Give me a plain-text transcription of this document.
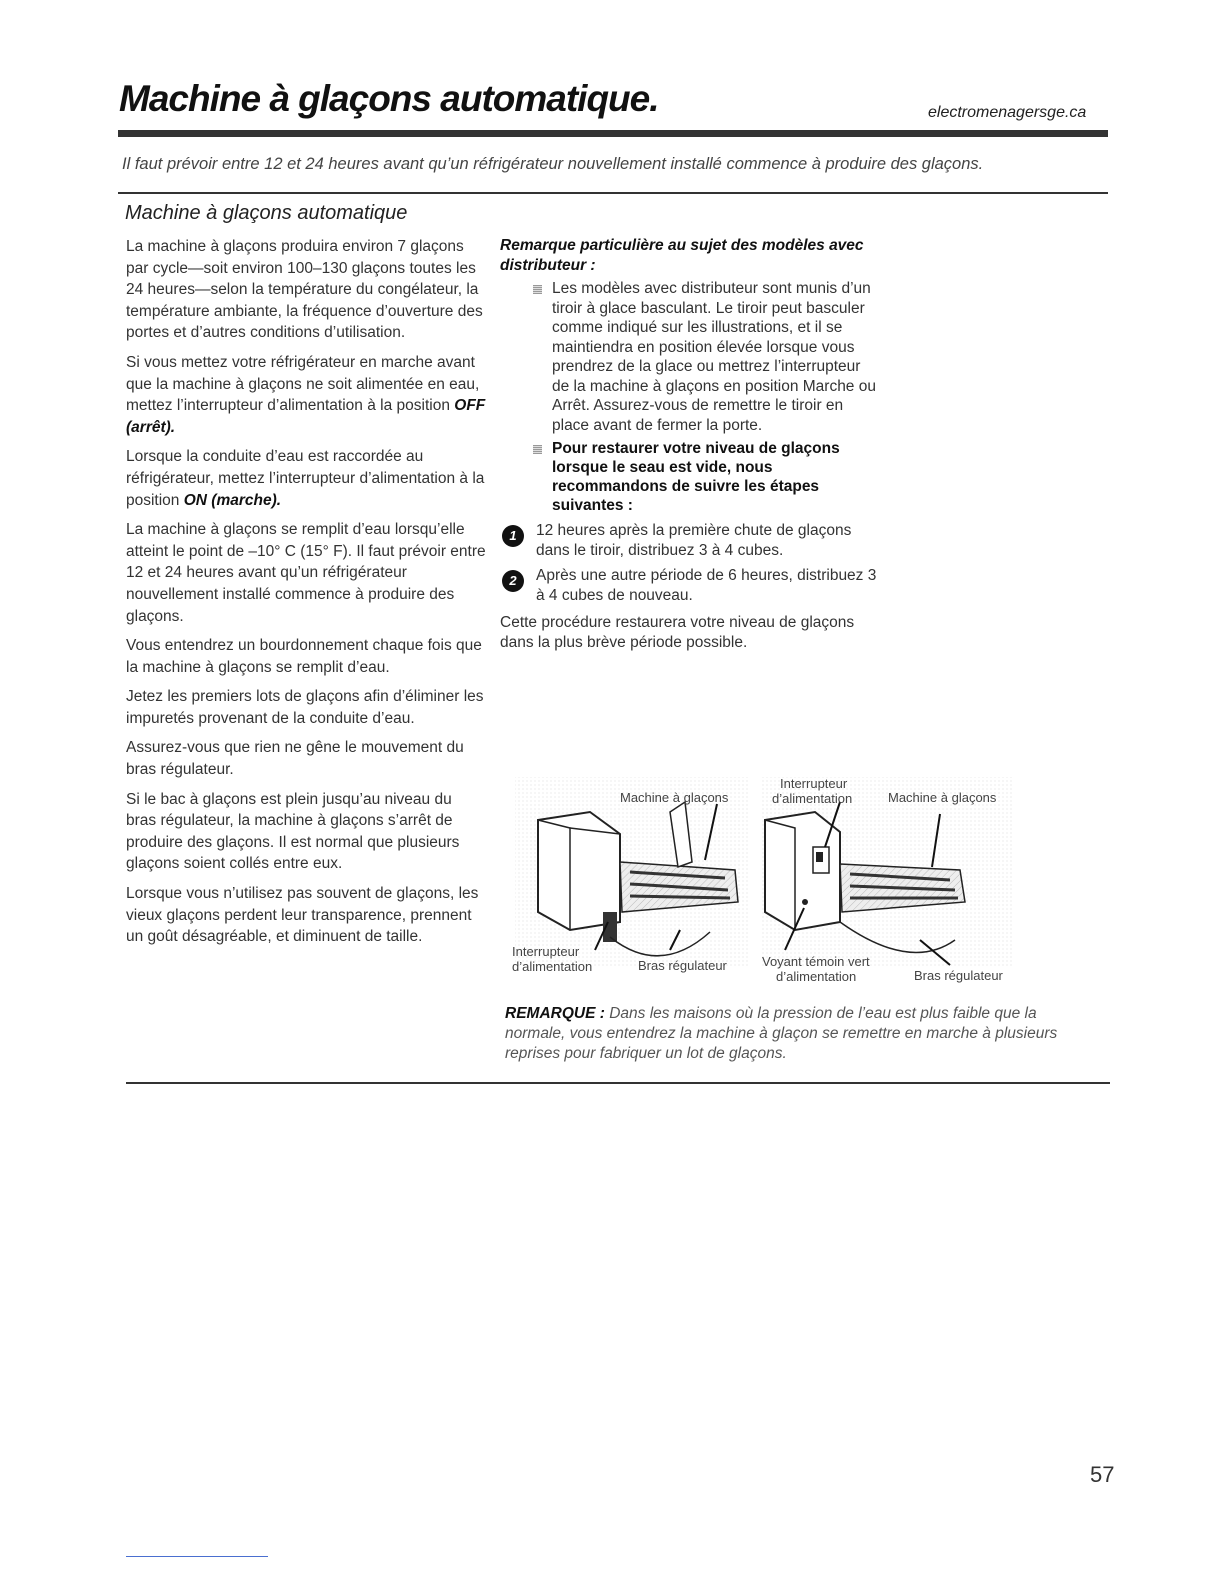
Machine à glaçons automatique.	electromenagersge.ca
Il faut prévoir entre 12 et 24 heures avant qu’un réfrigérateur nouvellement installé commence à produire des glaçons.
Machine à glaçons automatique

La machine à glaçons produira environ 7 glaçons par cycle—soit environ 100–130 glaçons toutes les 24 heures—selon la température du congélateur, la température ambiante, la fréquence d’ouverture des portes et d’autres conditions d’utilisation.

Si vous mettez votre réfrigérateur en marche avant que la machine à glaçons ne soit alimentée en eau, mettez l’interrupteur d’alimentation à la position OFF (arrêt).

Lorsque la conduite d’eau est raccordée au réfrigérateur, mettez l’interrupteur d’alimentation à la position ON (marche).

La machine à glaçons se remplit d’eau lorsqu’elle atteint le point de –10° C (15° F). Il faut prévoir entre 12 et 24 heures avant qu’un réfrigérateur nouvellement installé commence à produire des glaçons.

Vous entendrez un bourdonnement chaque fois que la machine à glaçons se remplit d’eau.

Jetez les premiers lots de glaçons afin d’éliminer les impuretés provenant de la conduite d’eau.

Assurez-vous que rien ne gêne le mouvement du bras régulateur.

Si le bac à glaçons est plein jusqu’au niveau du bras régulateur, la machine à glaçons s’arrêt de produire des glaçons. Il est normal que plusieurs glaçons soient collés entre eux.

Lorsque vous n’utilisez pas souvent de glaçons, les vieux glaçons perdent leur transparence, prennent un goût désagréable, et diminuent de taille.

Remarque particulière au sujet des modèles avec distributeur :
Les modèles avec distributeur sont munis d’un tiroir à glace basculant. Le tiroir peut basculer comme indiqué sur les illustrations, et il se maintiendra en position élevée lorsque vous prendrez de la glace ou mettrez l’interrupteur de la machine à glaçons en position Marche ou Arrêt. Assurez-vous de remettre le tiroir en place avant de fermer la porte.
Pour restaurer votre niveau de glaçons lorsque le seau est vide, nous recommandons de suivre les étapes suivantes :
1	12 heures après la première chute de glaçons dans le tiroir, distribuez 3 à 4 cubes.
2	Après une autre période de 6 heures, distribuez 3 à 4 cubes de nouveau.
Cette procédure restaurera votre niveau de glaçons dans la plus brève période possible.
Machine à glaçons
Interrupteur
d’alimentation	Bras régulateur
Interrupteur
d’alimentation	Machine à glaçons
Voyant témoin vert
d’alimentation	Bras régulateur
REMARQUE : Dans les maisons où la pression de l’eau est plus faible que la normale, vous entendrez la machine à glaçon se remettre en marche à plusieurs reprises pour fabriquer un lot de glaçons.
57
